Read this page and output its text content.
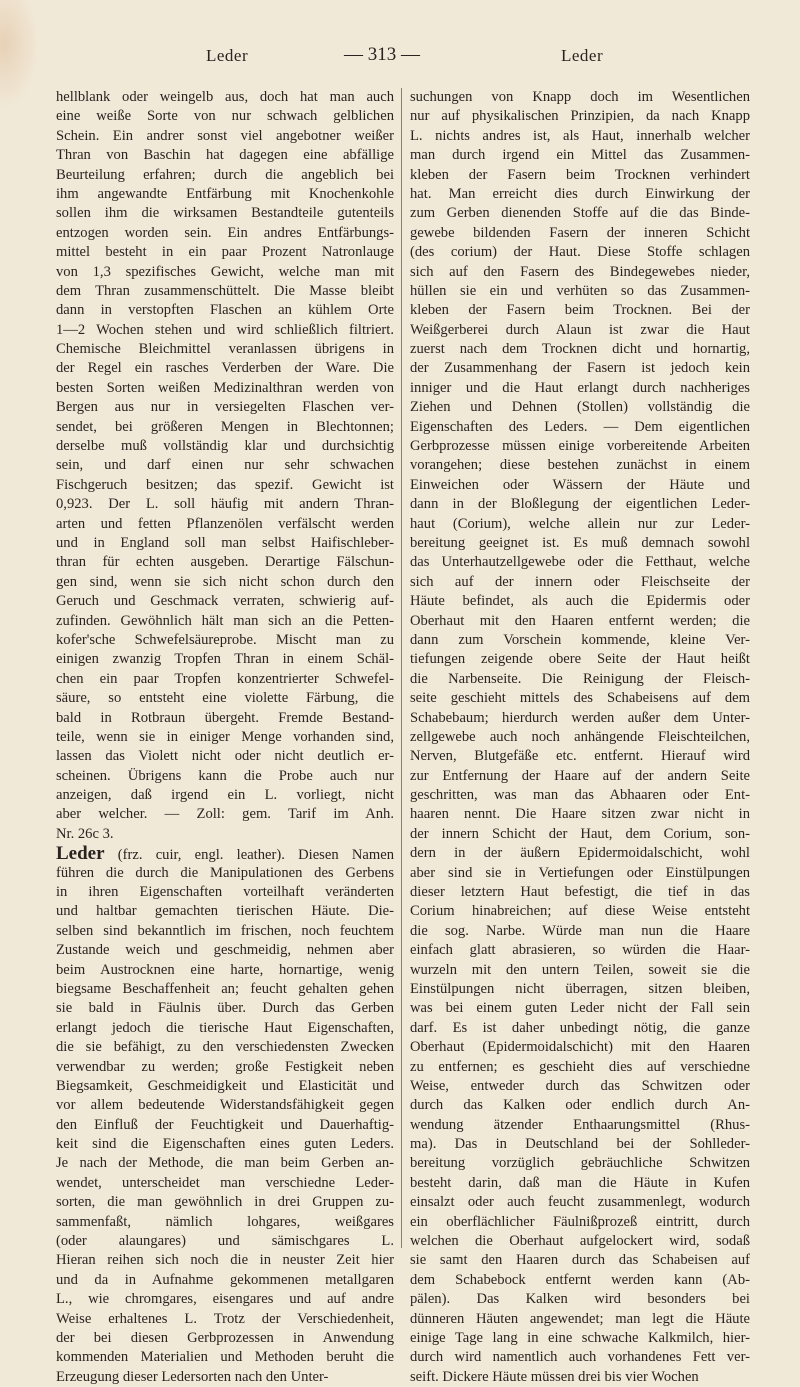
Leder	— 313 —	Leder
hellblank oder weingelb aus, doch hat man auch
eine weiße Sorte von nur schwach gelblichen
Schein. Ein andrer sonst viel angebotner weißer
Thran von Baschin hat dagegen eine abfällige
Beurteilung erfahren; durch die angeblich bei
ihm angewandte Entfärbung mit Knochenkohle
sollen ihm die wirksamen Bestandteile gutenteils
entzogen worden sein. Ein andres Entfärbungs-
mittel besteht in ein paar Prozent Natronlauge
von 1,3 spezifisches Gewicht, welche man mit
dem Thran zusammenschüttelt. Die Masse bleibt
dann in verstopften Flaschen an kühlem Orte
1—2 Wochen stehen und wird schließlich filtriert.
Chemische Bleichmittel veranlassen übrigens in
der Regel ein rasches Verderben der Ware. Die
besten Sorten weißen Medizinalthran werden von
Bergen aus nur in versiegelten Flaschen ver-
sendet, bei größeren Mengen in Blechtonnen;
derselbe muß vollständig klar und durchsichtig
sein, und darf einen nur sehr schwachen
Fischgeruch besitzen; das spezif. Gewicht ist
0,923. Der L. soll häufig mit andern Thran-
arten und fetten Pflanzenölen verfälscht werden
und in England soll man selbst Haifischleber-
thran für echten ausgeben. Derartige Fälschun-
gen sind, wenn sie sich nicht schon durch den
Geruch und Geschmack verraten, schwierig auf-
zufinden. Gewöhnlich hält man sich an die Petten-
kofer'sche Schwefelsäureprobe. Mischt man zu
einigen zwanzig Tropfen Thran in einem Schäl-
chen ein paar Tropfen konzentrierter Schwefel-
säure, so entsteht eine violette Färbung, die
bald in Rotbraun übergeht. Fremde Bestand-
teile, wenn sie in einiger Menge vorhanden sind,
lassen das Violett nicht oder nicht deutlich er-
scheinen. Übrigens kann die Probe auch nur
anzeigen, daß irgend ein L. vorliegt, nicht
aber welcher. — Zoll: gem. Tarif im Anh.
Nr. 26c 3.
Leder (frz. cuir, engl. leather). Diesen Namen
führen die durch die Manipulationen des Gerbens
in ihren Eigenschaften vorteilhaft veränderten
und haltbar gemachten tierischen Häute. Die-
selben sind bekanntlich im frischen, noch feuchtem
Zustande weich und geschmeidig, nehmen aber
beim Austrocknen eine harte, hornartige, wenig
biegsame Beschaffenheit an; feucht gehalten gehen
sie bald in Fäulnis über. Durch das Gerben
erlangt jedoch die tierische Haut Eigenschaften,
die sie befähigt, zu den verschiedensten Zwecken
verwendbar zu werden; große Festigkeit neben
Biegsamkeit, Geschmeidigkeit und Elasticität und
vor allem bedeutende Widerstandsfähigkeit gegen
den Einfluß der Feuchtigkeit und Dauerhaftig-
keit sind die Eigenschaften eines guten Leders.
Je nach der Methode, die man beim Gerben an-
wendet, unterscheidet man verschiedne Leder-
sorten, die man gewöhnlich in drei Gruppen zu-
sammenfaßt, nämlich lohgares, weißgares
(oder alaungares) und sämischgares L.
Hieran reihen sich noch die in neuster Zeit hier
und da in Aufnahme gekommenen metallgaren
L., wie chromgares, eisengares und auf andre
Weise erhaltenes L. Trotz der Verschiedenheit,
der bei diesen Gerbprozessen in Anwendung
kommenden Materialien und Methoden beruht die
Erzeugung dieser Ledersorten nach den Unter-
suchungen von Knapp doch im Wesentlichen
nur auf physikalischen Prinzipien, da nach Knapp
L. nichts andres ist, als Haut, innerhalb welcher
man durch irgend ein Mittel das Zusammen-
kleben der Fasern beim Trocknen verhindert
hat. Man erreicht dies durch Einwirkung der
zum Gerben dienenden Stoffe auf die das Binde-
gewebe bildenden Fasern der inneren Schicht
(des corium) der Haut. Diese Stoffe schlagen
sich auf den Fasern des Bindegewebes nieder,
hüllen sie ein und verhüten so das Zusammen-
kleben der Fasern beim Trocknen. Bei der
Weißgerberei durch Alaun ist zwar die Haut
zuerst nach dem Trocknen dicht und hornartig,
der Zusammenhang der Fasern ist jedoch kein
inniger und die Haut erlangt durch nachheriges
Ziehen und Dehnen (Stollen) vollständig die
Eigenschaften des Leders. — Dem eigentlichen
Gerbprozesse müssen einige vorbereitende Arbeiten
vorangehen; diese bestehen zunächst in einem
Einweichen oder Wässern der Häute und
dann in der Bloßlegung der eigentlichen Leder-
haut (Corium), welche allein nur zur Leder-
bereitung geeignet ist. Es muß demnach sowohl
das Unterhautzellgewebe oder die Fetthaut, welche
sich auf der innern oder Fleischseite der
Häute befindet, als auch die Epidermis oder
Oberhaut mit den Haaren entfernt werden; die
dann zum Vorschein kommende, kleine Ver-
tiefungen zeigende obere Seite der Haut heißt
die Narbenseite. Die Reinigung der Fleisch-
seite geschieht mittels des Schabeisens auf dem
Schabebaum; hierdurch werden außer dem Unter-
zellgewebe auch noch anhängende Fleischteilchen,
Nerven, Blutgefäße etc. entfernt. Hierauf wird
zur Entfernung der Haare auf der andern Seite
geschritten, was man das Abhaaren oder Ent-
haaren nennt. Die Haare sitzen zwar nicht in
der innern Schicht der Haut, dem Corium, son-
dern in der äußern Epidermoidalschicht, wohl
aber sind sie in Vertiefungen oder Einstülpungen
dieser letztern Haut befestigt, die tief in das
Corium hinabreichen; auf diese Weise entsteht
die sog. Narbe. Würde man nun die Haare
einfach glatt abrasieren, so würden die Haar-
wurzeln mit den untern Teilen, soweit sie die
Einstülpungen nicht überragen, sitzen bleiben,
was bei einem guten Leder nicht der Fall sein
darf. Es ist daher unbedingt nötig, die ganze
Oberhaut (Epidermoidalschicht) mit den Haaren
zu entfernen; es geschieht dies auf verschiedne
Weise, entweder durch das Schwitzen oder
durch das Kalken oder endlich durch An-
wendung ätzender Enthaarungsmittel (Rhus-
ma). Das in Deutschland bei der Sohlleder-
bereitung vorzüglich gebräuchliche Schwitzen
besteht darin, daß man die Häute in Kufen
einsalzt oder auch feucht zusammenlegt, wodurch
ein oberflächlicher Fäulnißprozeß eintritt, durch
welchen die Oberhaut aufgelockert wird, sodaß
sie samt den Haaren durch das Schabeisen auf
dem Schabebock entfernt werden kann (Ab-
pälen). Das Kalken wird besonders bei
dünneren Häuten angewendet; man legt die Häute
einige Tage lang in eine schwache Kalkmilch, hier-
durch wird namentlich auch vorhandenes Fett ver-
seift. Dickere Häute müssen drei bis vier Wochen
